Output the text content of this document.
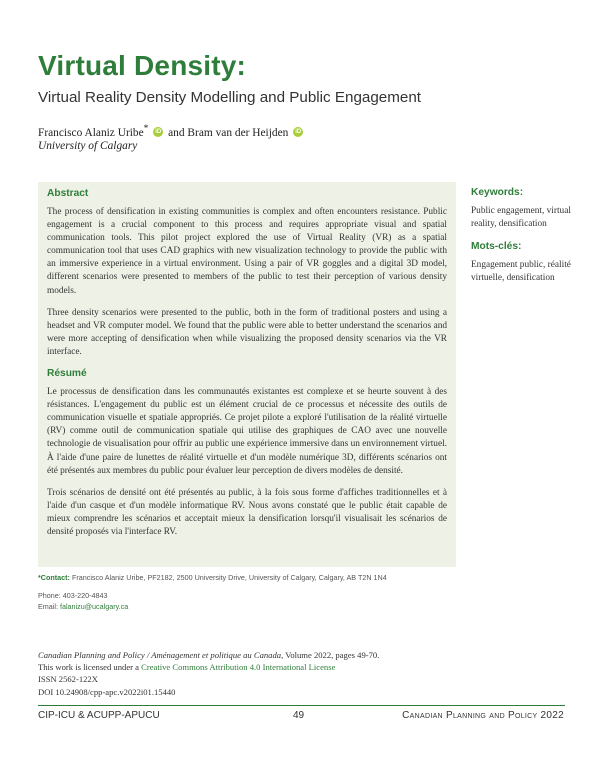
Virtual Density:
Virtual Reality Density Modelling and Public Engagement
Francisco Alaniz Uribe* iD and Bram van der Heijden iD
University of Calgary
Abstract

The process of densification in existing communities is complex and often encounters resistance. Public engagement is a crucial component to this process and requires appropriate visual and spatial communication tools. This pilot project explored the use of Virtual Reality (VR) as a spatial communication tool that uses CAD graphics with new visualization technology to provide the public with an immersive experience in a virtual environment. Using a pair of VR goggles and a digital 3D model, different scenarios were presented to members of the public to test their perception of various density models.

Three density scenarios were presented to the public, both in the form of traditional posters and using a headset and VR computer model. We found that the public were able to better understand the scenarios and were more accepting of densification when while visualizing the proposed density scenarios via the VR interface.

Résumé

Le processus de densification dans les communautés existantes est complexe et se heurte souvent à des résistances. L'engagement du public est un élément crucial de ce processus et nécessite des outils de communication visuelle et spatiale appropriés. Ce projet pilote a exploré l'utilisation de la réalité virtuelle (RV) comme outil de communication spatiale qui utilise des graphiques de CAO avec une nouvelle technologie de visualisation pour offrir au public une expérience immersive dans un environnement virtuel. À l'aide d'une paire de lunettes de réalité virtuelle et d'un modèle numérique 3D, différents scénarios ont été présentés aux membres du public pour évaluer leur perception de divers modèles de densité.

Trois scénarios de densité ont été présentés au public, à la fois sous forme d'affiches traditionnelles et à l'aide d'un casque et d'un modèle informatique RV. Nous avons constaté que le public était capable de mieux comprendre les scénarios et acceptait mieux la densification lorsqu'il visualisait les scénarios de densité proposés via l'interface RV.

Keywords:

Public engagement, virtual reality, densification

Mots-clés:

Engagement public, réalité virtuelle, densification

*Contact: Francisco Alaniz Uribe, PF2182, 2500 University Drive, University of Calgary, Calgary, AB T2N 1N4
Phone: 403-220-4843
Email: falanizu@ucalgary.ca
Canadian Planning and Policy / Aménagement et politique au Canada, Volume 2022, pages 49-70.
This work is licensed under a Creative Commons Attribution 4.0 International License
ISSN 2562-122X
DOI 10.24908/cpp-apc.v2022i01.15440
CIP-ICU & ACUPP-APUCU	49	Canadian Planning and Policy 2022
